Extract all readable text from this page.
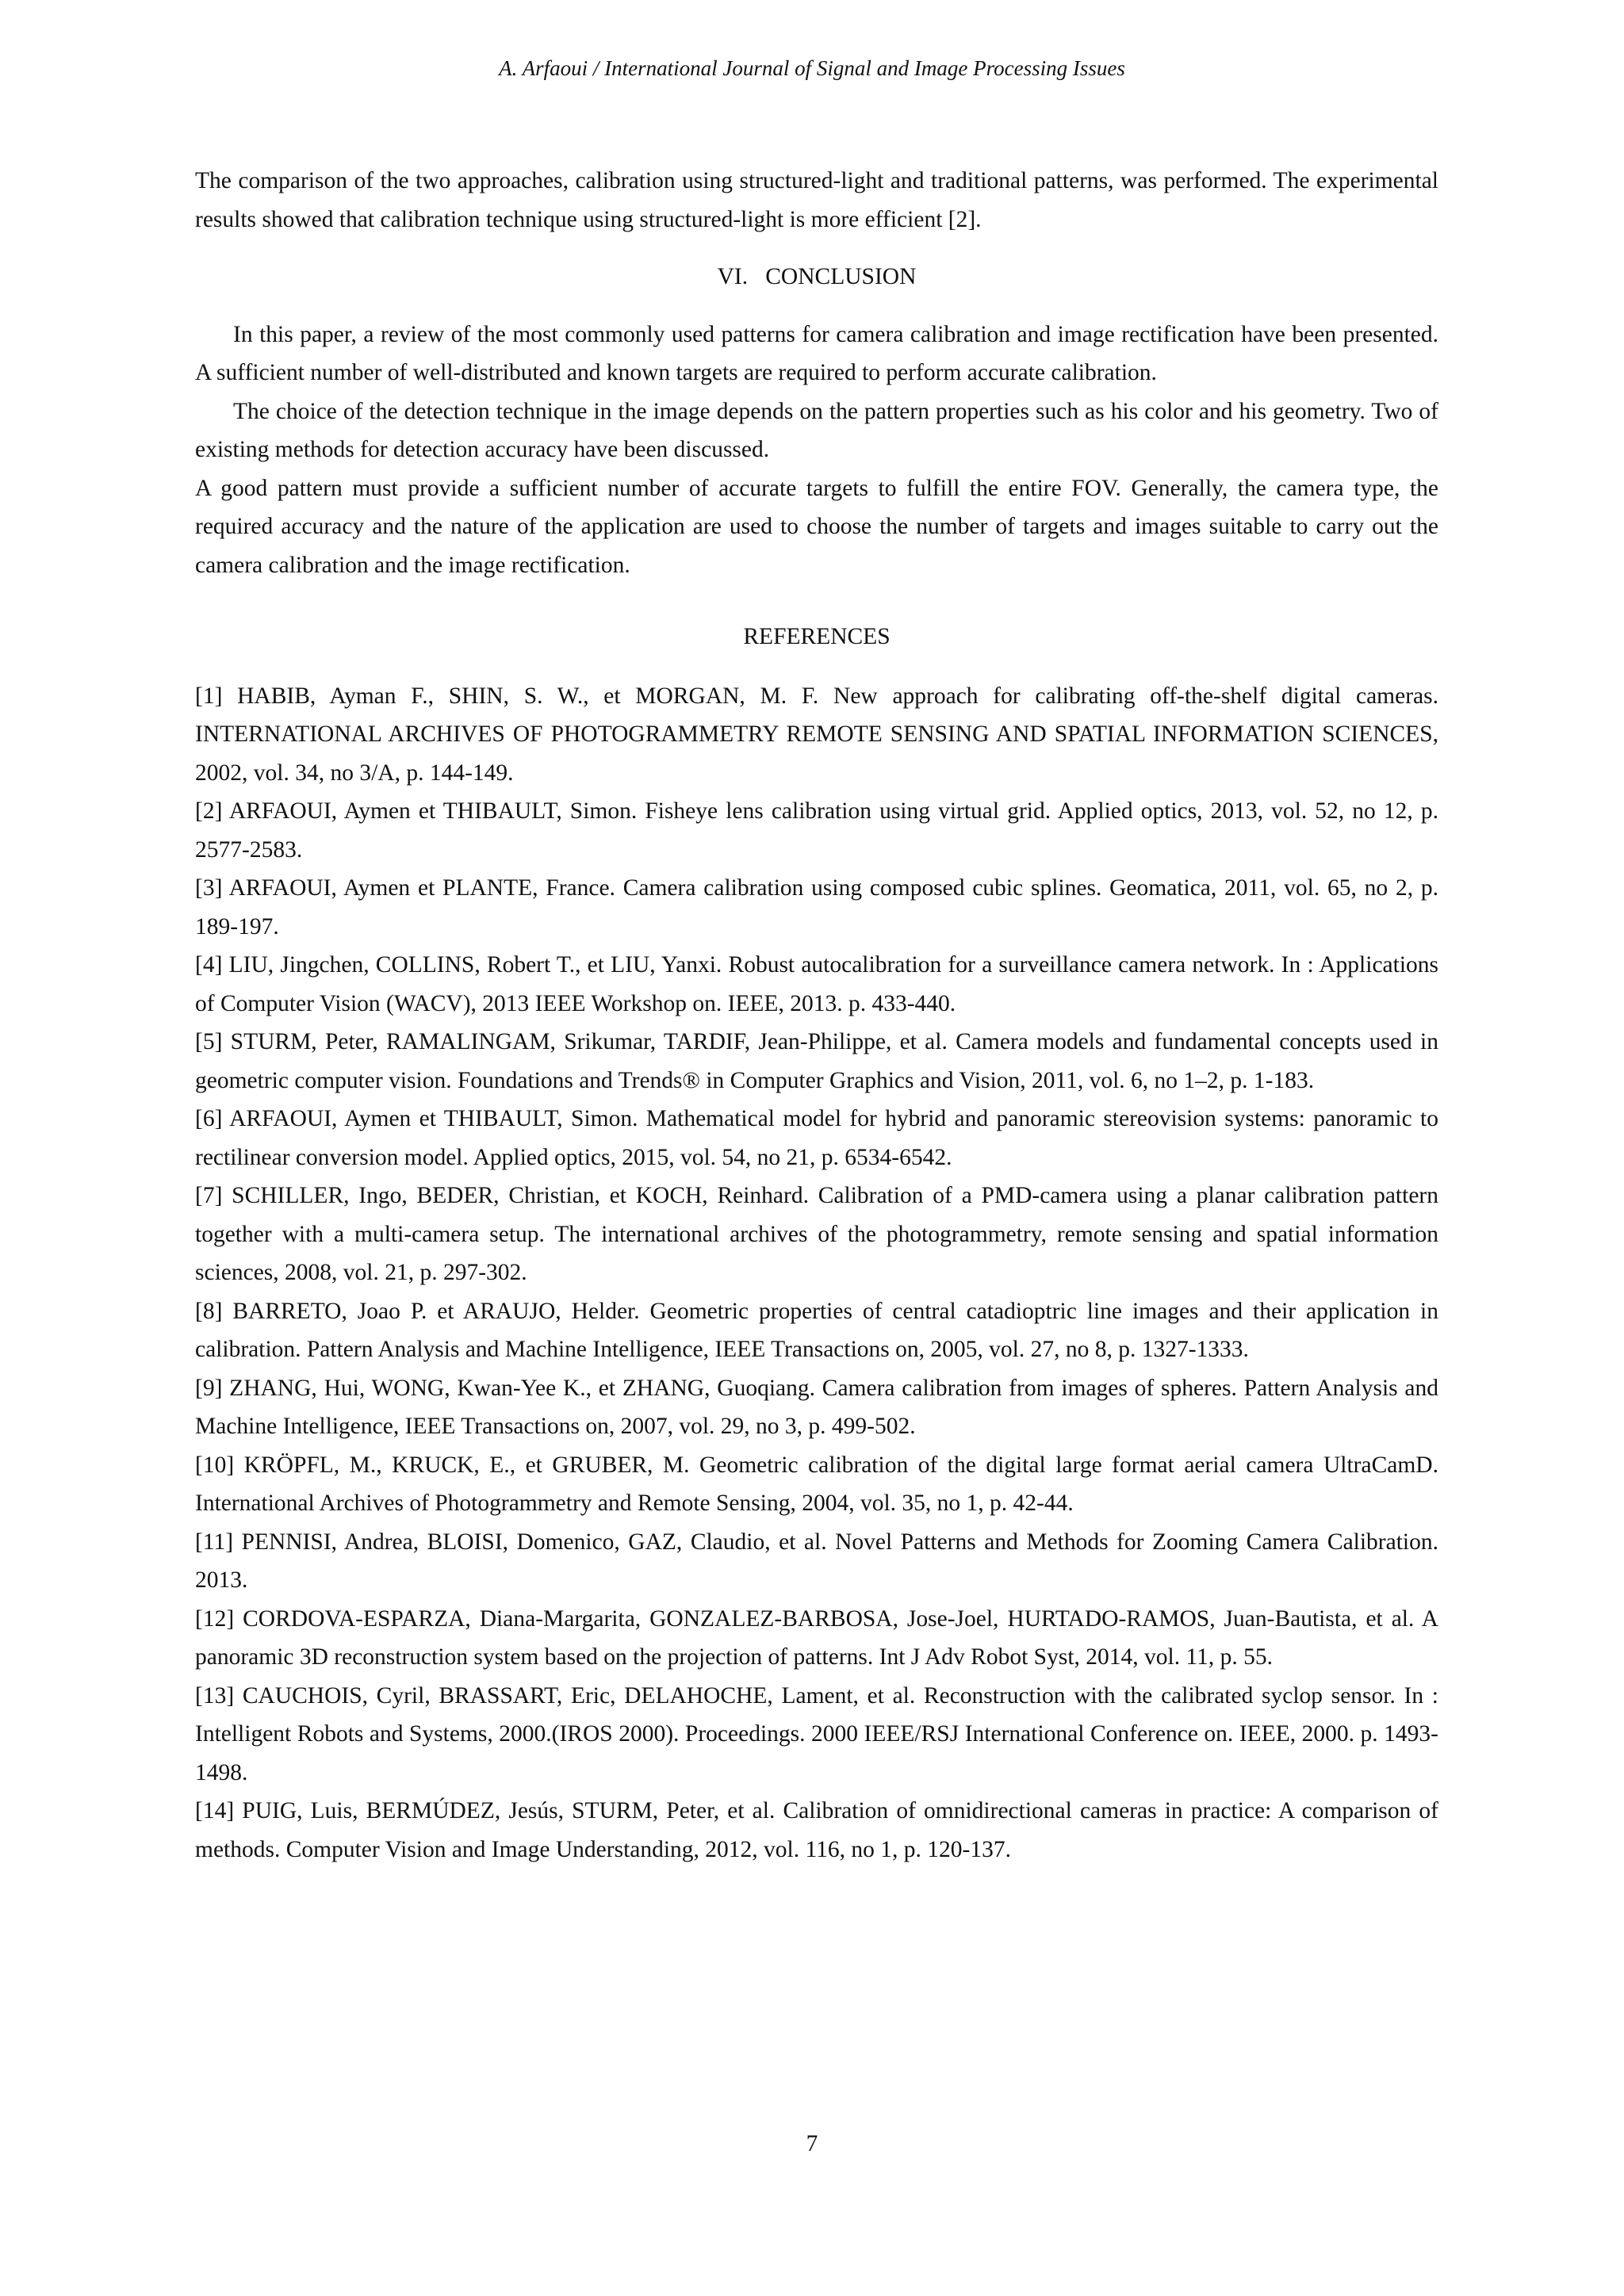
A. Arfaoui / International Journal of Signal and Image Processing Issues

The comparison of the two approaches, calibration using structured-light and traditional patterns, was performed. The experimental results showed that calibration technique using structured-light is more efficient [2].

VI.   CONCLUSION

In this paper, a review of the most commonly used patterns for camera calibration and image rectification have been presented. A sufficient number of well-distributed and known targets are required to perform accurate calibration.

The choice of the detection technique in the image depends on the pattern properties such as his color and his geometry. Two of existing methods for detection accuracy have been discussed.

A good pattern must provide a sufficient number of accurate targets to fulfill the entire FOV. Generally, the camera type, the required accuracy and the nature of the application are used to choose the number of targets and images suitable to carry out the camera calibration and the image rectification.

REFERENCES
[1] HABIB, Ayman F., SHIN, S. W., et MORGAN, M. F. New approach for calibrating off-the-shelf digital cameras. INTERNATIONAL ARCHIVES OF PHOTOGRAMMETRY REMOTE SENSING AND SPATIAL INFORMATION SCIENCES, 2002, vol. 34, no 3/A, p. 144-149.
[2] ARFAOUI, Aymen et THIBAULT, Simon. Fisheye lens calibration using virtual grid. Applied optics, 2013, vol. 52, no 12, p. 2577-2583.
[3] ARFAOUI, Aymen et PLANTE, France. Camera calibration using composed cubic splines. Geomatica, 2011, vol. 65, no 2, p. 189-197.
[4] LIU, Jingchen, COLLINS, Robert T., et LIU, Yanxi. Robust autocalibration for a surveillance camera network. In : Applications of Computer Vision (WACV), 2013 IEEE Workshop on. IEEE, 2013. p. 433-440.
[5] STURM, Peter, RAMALINGAM, Srikumar, TARDIF, Jean-Philippe, et al. Camera models and fundamental concepts used in geometric computer vision. Foundations and Trends® in Computer Graphics and Vision, 2011, vol. 6, no 1–2, p. 1-183.
[6] ARFAOUI, Aymen et THIBAULT, Simon. Mathematical model for hybrid and panoramic stereovision systems: panoramic to rectilinear conversion model. Applied optics, 2015, vol. 54, no 21, p. 6534-6542.
[7] SCHILLER, Ingo, BEDER, Christian, et KOCH, Reinhard. Calibration of a PMD-camera using a planar calibration pattern together with a multi-camera setup. The international archives of the photogrammetry, remote sensing and spatial information sciences, 2008, vol. 21, p. 297-302.
[8] BARRETO, Joao P. et ARAUJO, Helder. Geometric properties of central catadioptric line images and their application in calibration. Pattern Analysis and Machine Intelligence, IEEE Transactions on, 2005, vol. 27, no 8, p. 1327-1333.
[9] ZHANG, Hui, WONG, Kwan-Yee K., et ZHANG, Guoqiang. Camera calibration from images of spheres. Pattern Analysis and Machine Intelligence, IEEE Transactions on, 2007, vol. 29, no 3, p. 499-502.
[10] KRÖPFL, M., KRUCK, E., et GRUBER, M. Geometric calibration of the digital large format aerial camera UltraCamD. International Archives of Photogrammetry and Remote Sensing, 2004, vol. 35, no 1, p. 42-44.
[11] PENNISI, Andrea, BLOISI, Domenico, GAZ, Claudio, et al. Novel Patterns and Methods for Zooming Camera Calibration. 2013.
[12] CORDOVA-ESPARZA, Diana-Margarita, GONZALEZ-BARBOSA, Jose-Joel, HURTADO-RAMOS, Juan-Bautista, et al. A panoramic 3D reconstruction system based on the projection of patterns. Int J Adv Robot Syst, 2014, vol. 11, p. 55.
[13] CAUCHOIS, Cyril, BRASSART, Eric, DELAHOCHE, Lament, et al. Reconstruction with the calibrated syclop sensor. In : Intelligent Robots and Systems, 2000.(IROS 2000). Proceedings. 2000 IEEE/RSJ International Conference on. IEEE, 2000. p. 1493-1498.
[14] PUIG, Luis, BERMÚDEZ, Jesús, STURM, Peter, et al. Calibration of omnidirectional cameras in practice: A comparison of methods. Computer Vision and Image Understanding, 2012, vol. 116, no 1, p. 120-137.
7
